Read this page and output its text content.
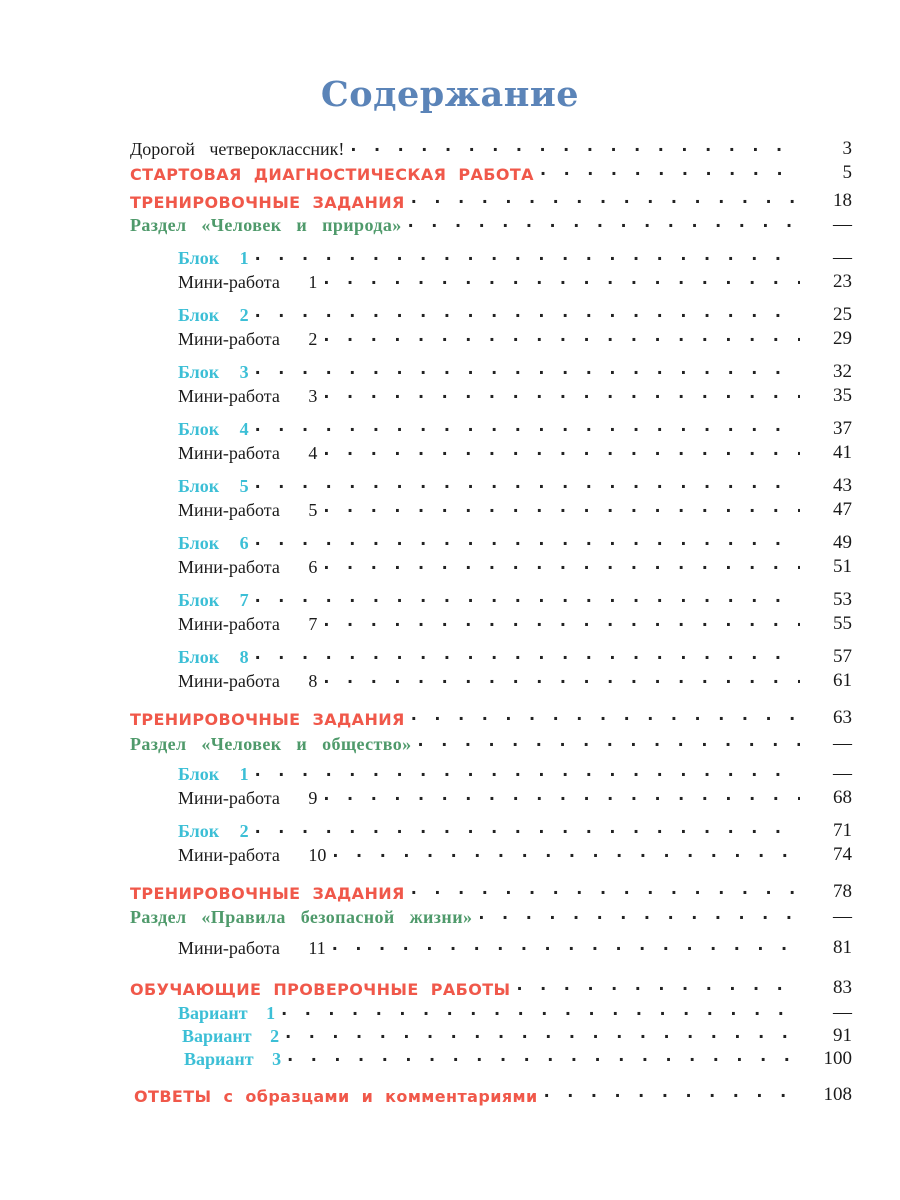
Содержание
Дорогой четвероклассник! · · ·	3
СТАРТОВАЯ ДИАГНОСТИЧЕСКАЯ РАБОТА · · ·	5
ТРЕНИРОВОЧНЫЕ ЗАДАНИЯ · · ·	18
Раздел «Человек и природа» · · ·	—
Блок 1 · · ·	—
Мини-работа 1 · · ·	23
Блок 2 · · ·	25
Мини-работа 2 · · ·	29
Блок 3 · · ·	32
Мини-работа 3 · · ·	35
Блок 4 · · ·	37
Мини-работа 4 · · ·	41
Блок 5 · · ·	43
Мини-работа 5 · · ·	47
Блок 6 · · ·	49
Мини-работа 6 · · ·	51
Блок 7 · · ·	53
Мини-работа 7 · · ·	55
Блок 8 · · ·	57
Мини-работа 8 · · ·	61
ТРЕНИРОВОЧНЫЕ ЗАДАНИЯ · · ·	63
Раздел «Человек и общество» · · ·	—
Блок 1 · · ·	—
Мини-работа 9 · · ·	68
Блок 2 · · ·	71
Мини-работа 10 · · ·	74
ТРЕНИРОВОЧНЫЕ ЗАДАНИЯ · · ·	78
Раздел «Правила безопасной жизни» · · ·	—
Мини-работа 11 · · ·	81
ОБУЧАЮЩИЕ ПРОВЕРОЧНЫЕ РАБОТЫ · · ·	83
Вариант 1 · · ·	—
Вариант 2 · · ·	91
Вариант 3 · · ·	100
ОТВЕТЫ с образцами и комментариями · · ·	108
